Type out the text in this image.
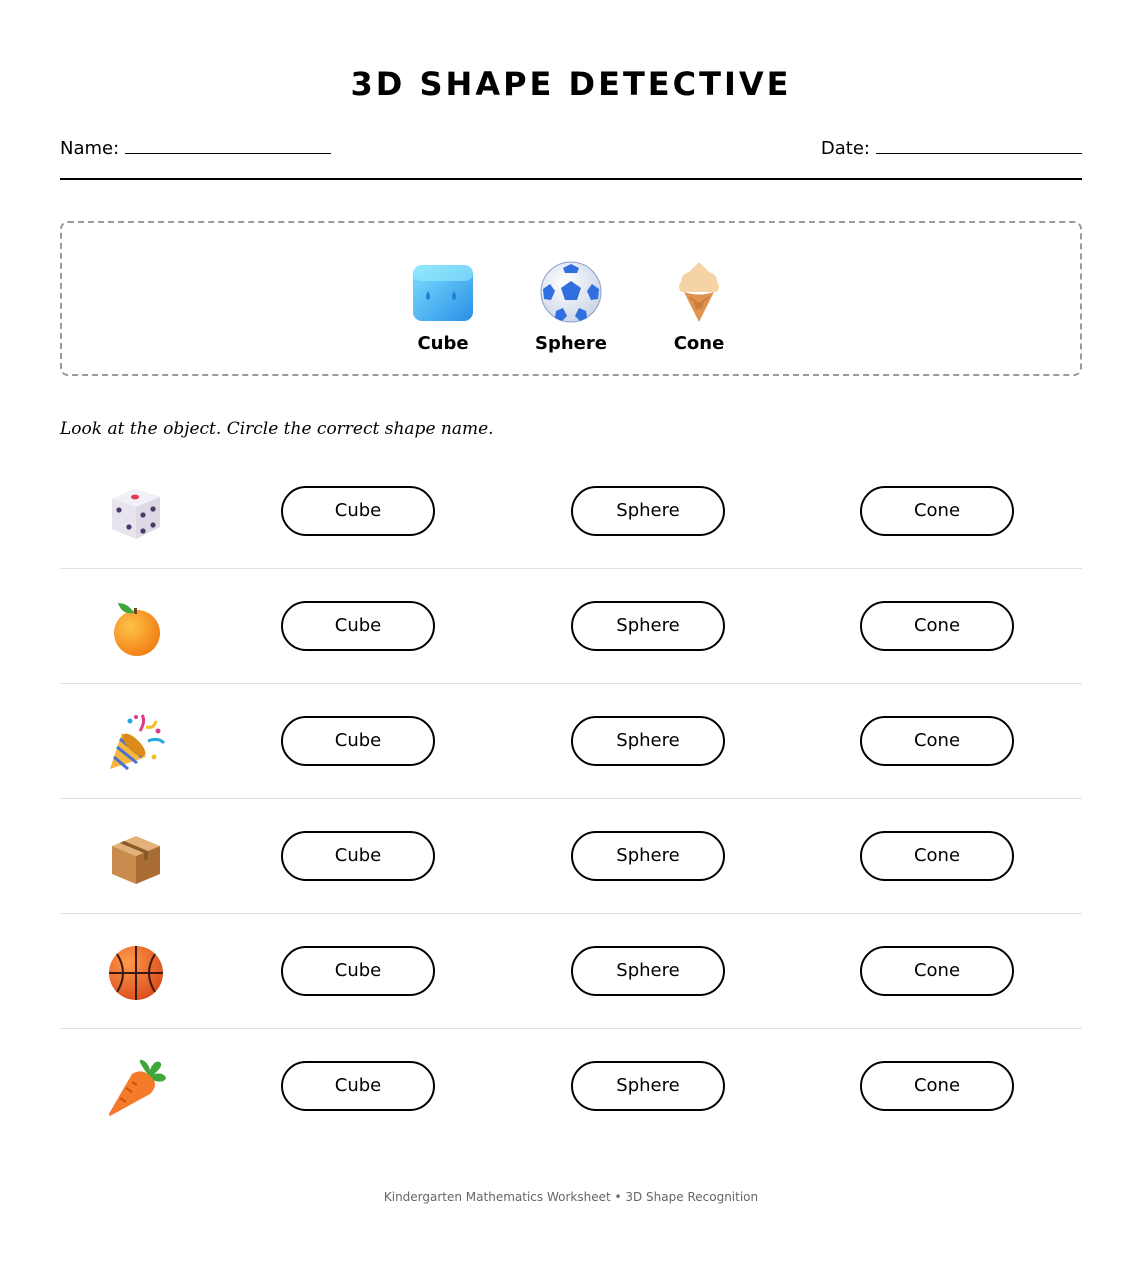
3D SHAPE DETECTIVE
Name:	Date:
Cube	Sphere	Cone
Look at the object. Circle the correct shape name.
Cube	Sphere	Cone
Cube	Sphere	Cone
Cube	Sphere	Cone
Cube	Sphere	Cone
Cube	Sphere	Cone
Cube	Sphere	Cone
Kindergarten Mathematics Worksheet • 3D Shape Recognition
